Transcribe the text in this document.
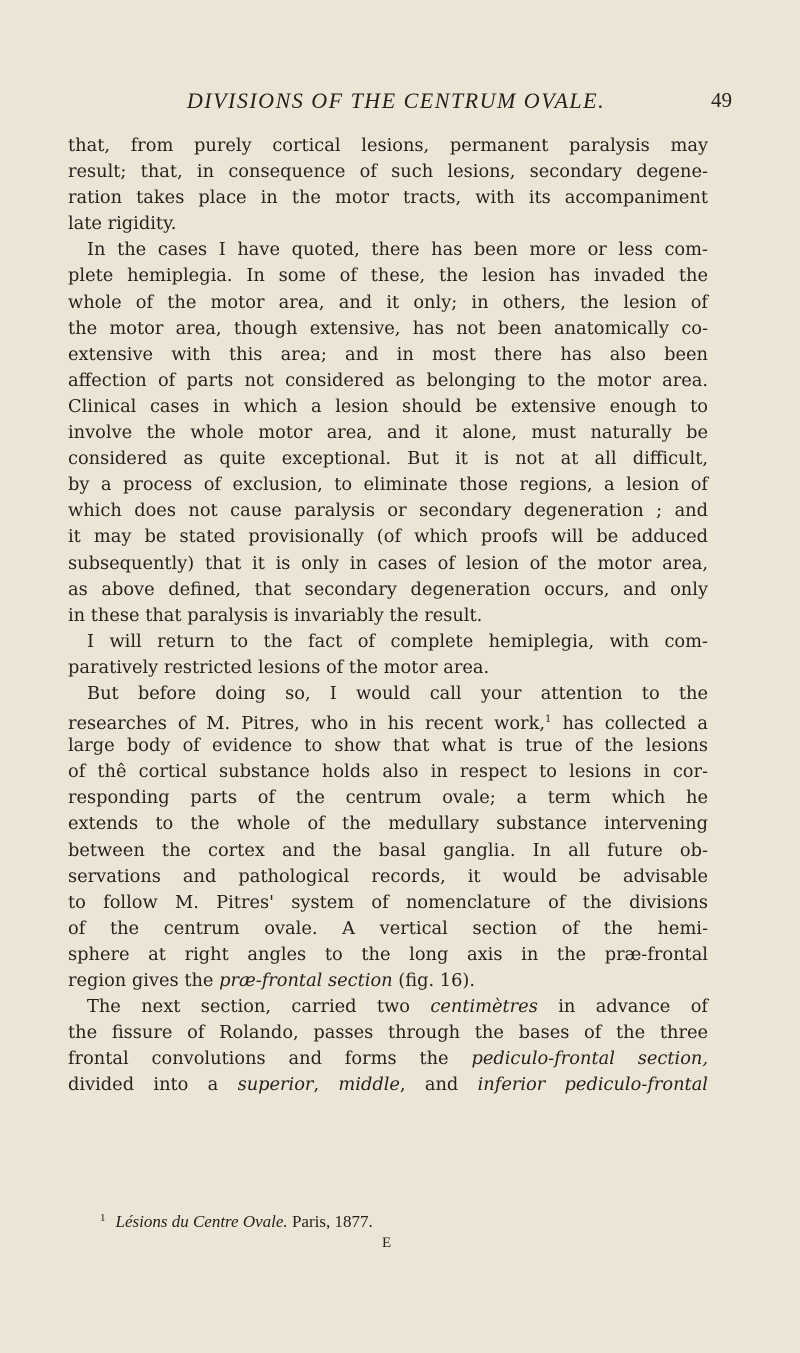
DIVISIONS OF THE CENTRUM OVALE.	49
that, from purely cortical lesions, permanent paralysis may
result; that, in consequence of such lesions, secondary degene-
ration takes place in the motor tracts, with its accompaniment
late rigidity.
In the cases I have quoted, there has been more or less com-
plete hemiplegia. In some of these, the lesion has invaded the
whole of the motor area, and it only; in others, the lesion of
the motor area, though extensive, has not been anatomically co-
extensive with this area; and in most there has also been
affection of parts not considered as belonging to the motor area.
Clinical cases in which a lesion should be extensive enough to
involve the whole motor area, and it alone, must naturally be
considered as quite exceptional. But it is not at all difficult,
by a process of exclusion, to eliminate those regions, a lesion of
which does not cause paralysis or secondary degeneration ; and
it may be stated provisionally (of which proofs will be adduced
subsequently) that it is only in cases of lesion of the motor area,
as above defined, that secondary degeneration occurs, and only
in these that paralysis is invariably the result.
I will return to the fact of complete hemiplegia, with com-
paratively restricted lesions of the motor area.
But before doing so, I would call your attention to the
researches of M. Pitres, who in his recent work,$^1$ has collected a
large body of evidence to show that what is true of the lesions
of thê cortical substance holds also in respect to lesions in cor-
responding parts of the centrum ovale; a term which he
extends to the whole of the medullary substance intervening
between the cortex and the basal ganglia. In all future ob-
servations and pathological records, it would be advisable
to follow M. Pitres' system of nomenclature of the divisions
of the centrum ovale. A vertical section of the hemi-
sphere at right angles to the long axis in the præ-frontal
region gives the præ-frontal section (fig. 16).
The next section, carried two centimètres in advance of
the fissure of Rolando, passes through the bases of the three
frontal convolutions and forms the pediculo-frontal section,
divided into a superior, middle, and inferior pediculo-frontal
$^1$ Lésions du Centre Ovale. Paris, 1877.
E
